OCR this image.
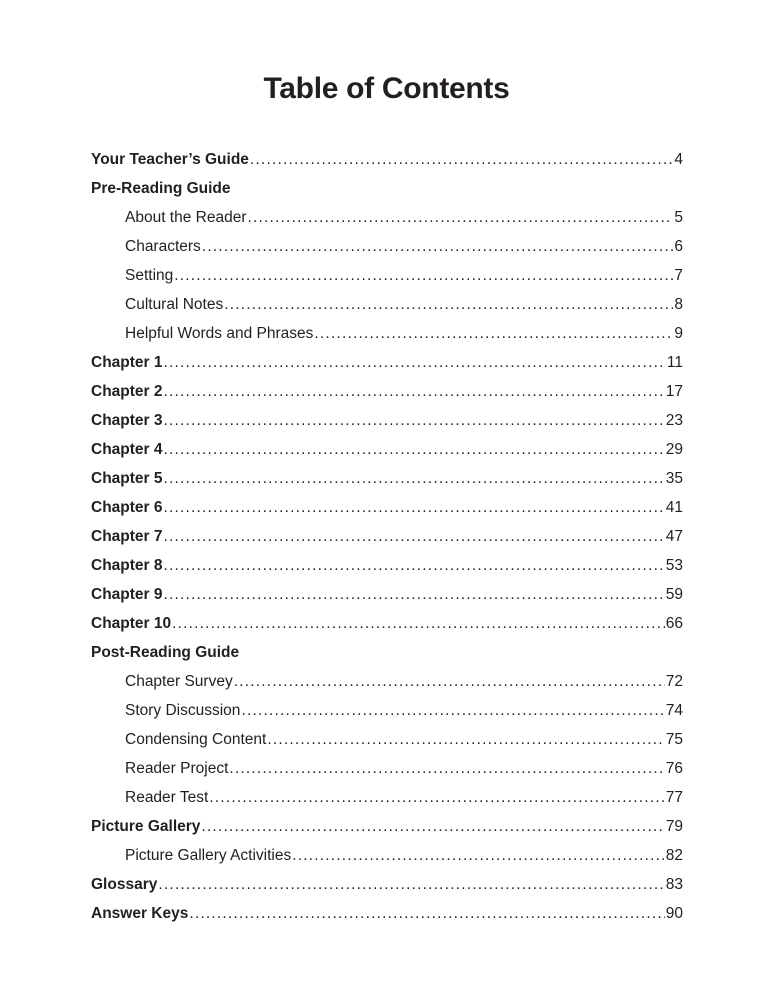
Table of Contents
Your Teacher’s Guide .....	4
Pre-Reading Guide
About the Reader .....	5
Characters .....	6
Setting .....	7
Cultural Notes .....	8
Helpful Words and Phrases .....	9
Chapter 1 .....	11
Chapter 2 .....	17
Chapter 3 .....	23
Chapter 4 .....	29
Chapter 5 .....	35
Chapter 6 .....	41
Chapter 7 .....	47
Chapter 8 .....	53
Chapter 9 .....	59
Chapter 10 .....	66
Post-Reading Guide
Chapter Survey .....	72
Story Discussion .....	74
Condensing Content .....	75
Reader Project .....	76
Reader Test .....	77
Picture Gallery .....	79
Picture Gallery Activities .....	82
Glossary .....	83
Answer Keys .....	90
